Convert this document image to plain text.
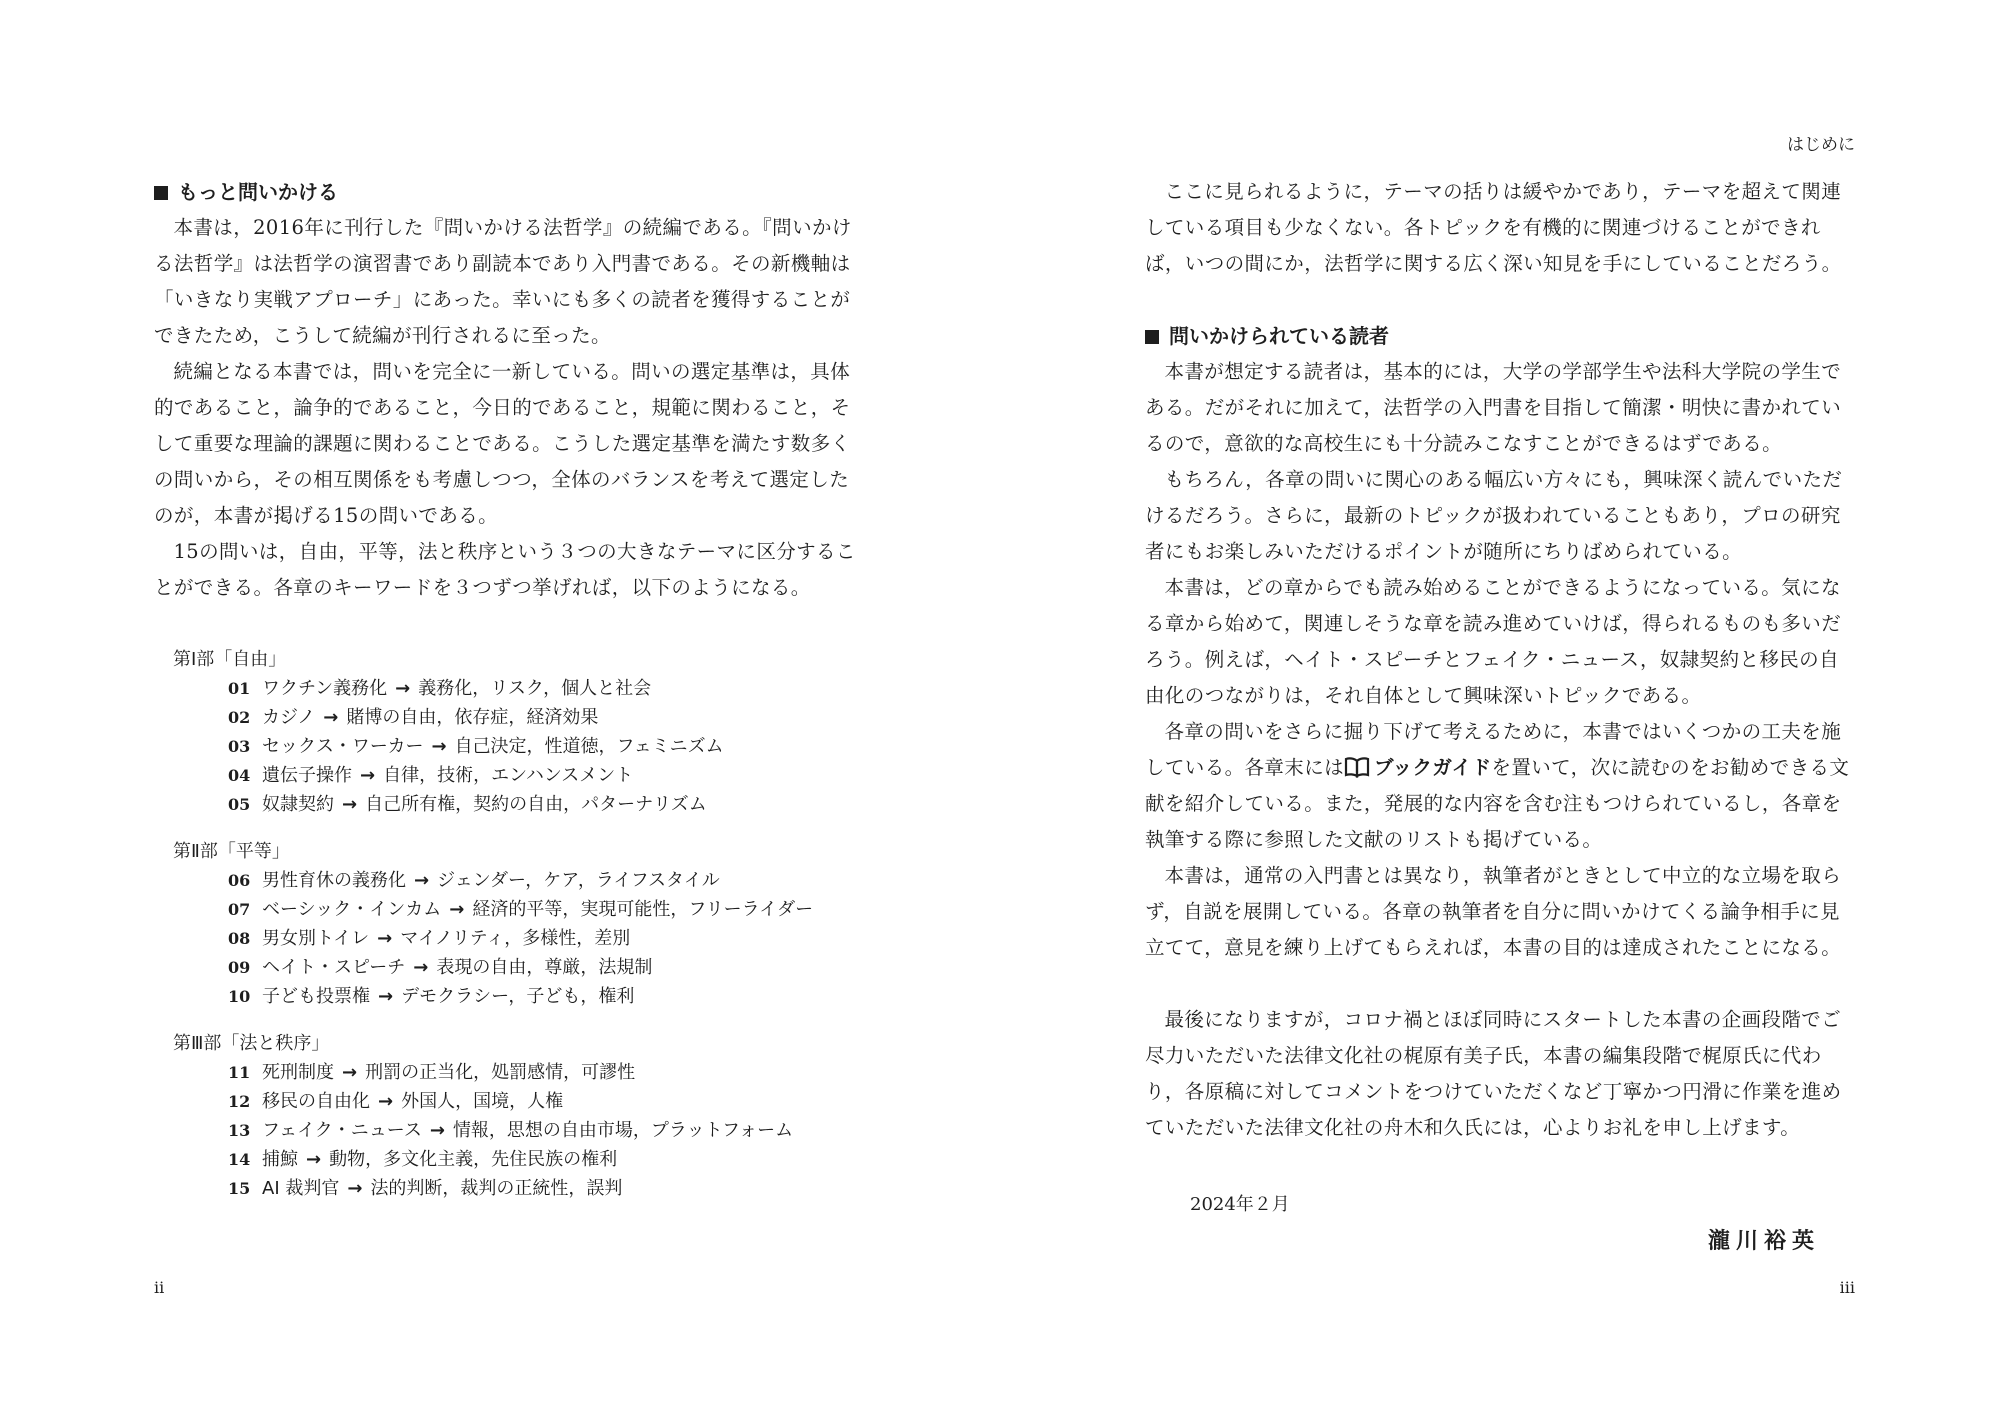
もっと問いかける

本書は，2016年に刊行した『問いかける法哲学』の続編である。『問いかける法哲学』は法哲学の演習書であり副読本であり入門書である。その新機軸は「いきなり実戦アプローチ」にあった。幸いにも多くの読者を獲得することができたため，こうして続編が刊行されるに至った。

続編となる本書では，問いを完全に一新している。問いの選定基準は，具体的であること，論争的であること，今日的であること，規範に関わること，そして重要な理論的課題に関わることである。こうした選定基準を満たす数多くの問いから，その相互関係をも考慮しつつ，全体のバランスを考えて選定したのが，本書が掲げる15の問いである。

15の問いは，自由，平等，法と秩序という３つの大きなテーマに区分することができる。各章のキーワードを３つずつ挙げれば，以下のようになる。

第Ⅰ部「自由」
01 ワクチン義務化 → 義務化，リスク，個人と社会
02 カジノ → 賭博の自由，依存症，経済効果
03 セックス・ワーカー → 自己決定，性道徳，フェミニズム
04 遺伝子操作 → 自律，技術，エンハンスメント
05 奴隷契約 → 自己所有権，契約の自由，パターナリズム
第Ⅱ部「平等」
06 男性育休の義務化 → ジェンダー，ケア，ライフスタイル
07 ベーシック・インカム → 経済的平等，実現可能性，フリーライダー
08 男女別トイレ → マイノリティ，多様性，差別
09 ヘイト・スピーチ → 表現の自由，尊厳，法規制
10 子ども投票権 → デモクラシー，子ども，権利
第Ⅲ部「法と秩序」
11 死刑制度 → 刑罰の正当化，処罰感情，可謬性
12 移民の自由化 → 外国人，国境，人権
13 フェイク・ニュース → 情報，思想の自由市場，プラットフォーム
14 捕鯨 → 動物，多文化主義，先住民族の権利
15 AI 裁判官 → 法的判断，裁判の正統性，誤判
ii
はじめに

ここに見られるように，テーマの括りは緩やかであり，テーマを超えて関連している項目も少なくない。各トピックを有機的に関連づけることができれば，いつの間にか，法哲学に関する広く深い知見を手にしていることだろう。

問いかけられている読者

本書が想定する読者は，基本的には，大学の学部学生や法科大学院の学生である。だがそれに加えて，法哲学の入門書を目指して簡潔・明快に書かれているので，意欲的な高校生にも十分読みこなすことができるはずである。

もちろん，各章の問いに関心のある幅広い方々にも，興味深く読んでいただけるだろう。さらに，最新のトピックが扱われていることもあり，プロの研究者にもお楽しみいただけるポイントが随所にちりばめられている。

本書は，どの章からでも読み始めることができるようになっている。気になる章から始めて，関連しそうな章を読み進めていけば，得られるものも多いだろう。例えば，ヘイト・スピーチとフェイク・ニュース，奴隷契約と移民の自由化のつながりは，それ自体として興味深いトピックである。

各章の問いをさらに掘り下げて考えるために，本書ではいくつかの工夫を施している。各章末には ブックガイドを置いて，次に読むのをお勧めできる文献を紹介している。また，発展的な内容を含む注もつけられているし，各章を執筆する際に参照した文献のリストも掲げている。

本書は，通常の入門書とは異なり，執筆者がときとして中立的な立場を取らず，自説を展開している。各章の執筆者を自分に問いかけてくる論争相手に見立てて，意見を練り上げてもらえれば，本書の目的は達成されたことになる。

最後になりますが，コロナ禍とほぼ同時にスタートした本書の企画段階でご尽力いただいた法律文化社の梶原有美子氏，本書の編集段階で梶原氏に代わり，各原稿に対してコメントをつけていただくなど丁寧かつ円滑に作業を進めていただいた法律文化社の舟木和久氏には，心よりお礼を申し上げます。

2024年２月
瀧川裕英
iii
